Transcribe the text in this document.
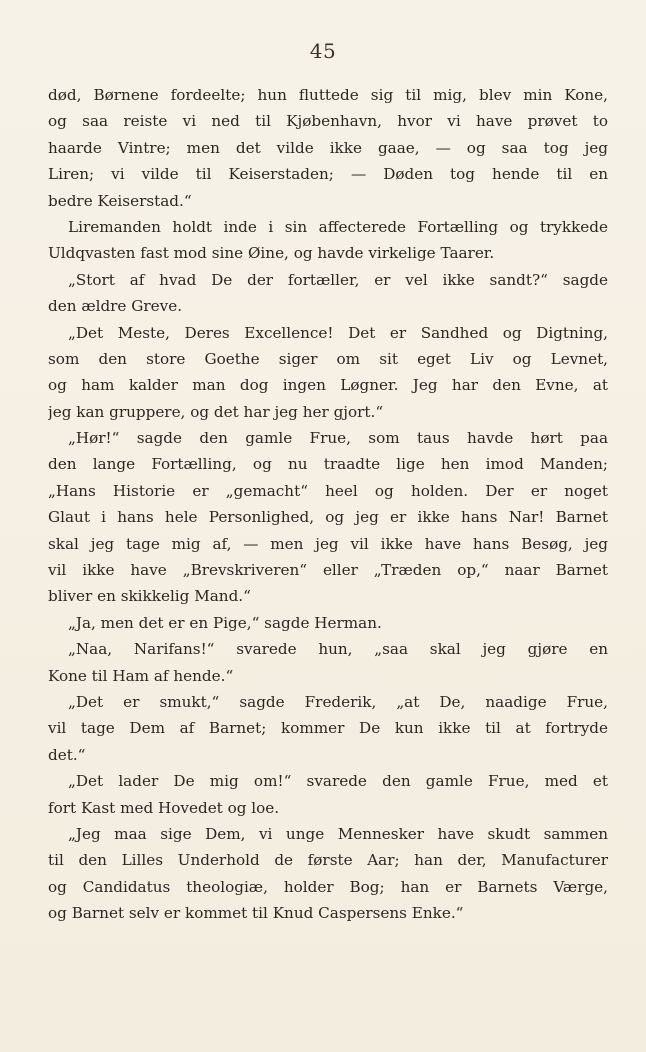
45
død, Børnene fordeelte; hun fluttede sig til mig, blev min Kone,
og saa reiste vi ned til Kjøbenhavn, hvor vi have prøvet to
haarde Vintre; men det vilde ikke gaae, — og saa tog jeg
Liren; vi vilde til Keiserstaden; — Døden tog hende til en
bedre Keiserstad.“
Liremanden holdt inde i sin affecterede Fortælling og trykkede
Uldqvasten fast mod sine Øine, og havde virkelige Taarer.
„Stort af hvad De der fortæller, er vel ikke sandt?“ sagde
den ældre Greve.
„Det Meste, Deres Excellence! Det er Sandhed og Digtning,
som den store Goethe siger om sit eget Liv og Levnet,
og ham kalder man dog ingen Løgner. Jeg har den Evne, at
jeg kan gruppere, og det har jeg her gjort.“
„Hør!“ sagde den gamle Frue, som taus havde hørt paa
den lange Fortælling, og nu traadte lige hen imod Manden;
„Hans Historie er „gemacht“ heel og holden. Der er noget
Glaut i hans hele Personlighed, og jeg er ikke hans Nar! Barnet
skal jeg tage mig af, — men jeg vil ikke have hans Besøg, jeg
vil ikke have „Brevskriveren“ eller „Træden op,“ naar Barnet
bliver en skikkelig Mand.“
„Ja, men det er en Pige,“ sagde Herman.
„Naa, Narifans!“ svarede hun, „saa skal jeg gjøre en
Kone til Ham af hende.“
„Det er smukt,“ sagde Frederik, „at De, naadige Frue,
vil tage Dem af Barnet; kommer De kun ikke til at fortryde
det.“
„Det lader De mig om!“ svarede den gamle Frue, med et
fort Kast med Hovedet og loe.
„Jeg maa sige Dem, vi unge Mennesker have skudt sammen
til den Lilles Underhold de første Aar; han der, Manufacturer
og Candidatus theologiæ, holder Bog; han er Barnets Værge,
og Barnet selv er kommet til Knud Caspersens Enke.“
